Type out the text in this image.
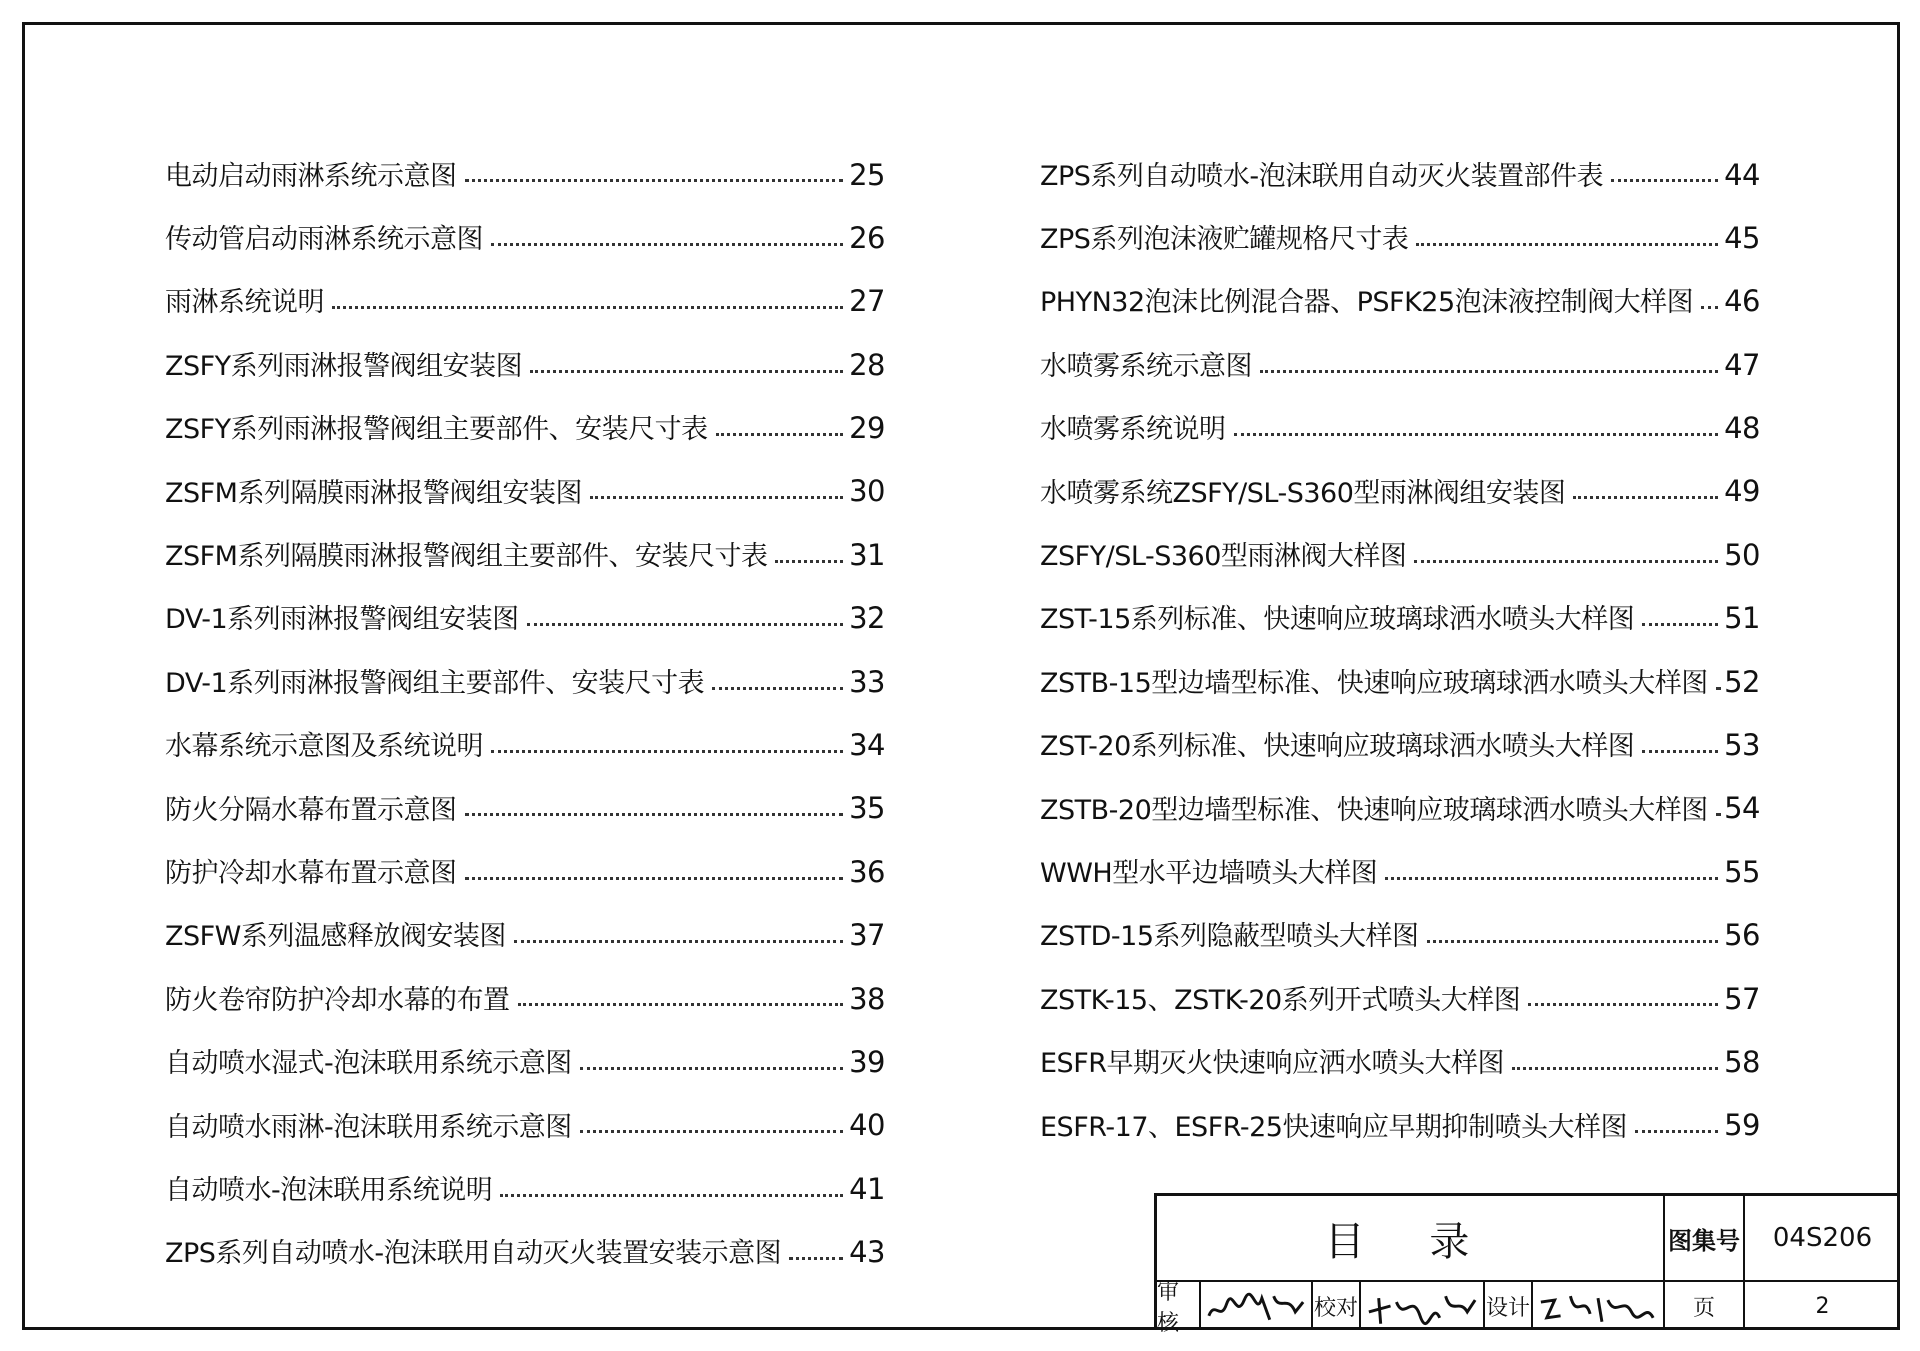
电动启动雨淋系统示意图	25
传动管启动雨淋系统示意图	26
雨淋系统说明	27
ZSFY系列雨淋报警阀组安装图	28
ZSFY系列雨淋报警阀组主要部件、安装尺寸表	29
ZSFM系列隔膜雨淋报警阀组安装图	30
ZSFM系列隔膜雨淋报警阀组主要部件、安装尺寸表	31
DV-1系列雨淋报警阀组安装图	32
DV-1系列雨淋报警阀组主要部件、安装尺寸表	33
水幕系统示意图及系统说明	34
防火分隔水幕布置示意图	35
防护冷却水幕布置示意图	36
ZSFW系列温感释放阀安装图	37
防火卷帘防护冷却水幕的布置	38
自动喷水湿式-泡沫联用系统示意图	39
自动喷水雨淋-泡沫联用系统示意图	40
自动喷水-泡沫联用系统说明	41
ZPS系列自动喷水-泡沫联用自动灭火装置安装示意图 43
ZPS系列自动喷水-泡沫联用自动灭火装置部件表	44
ZPS系列泡沫液贮罐规格尺寸表	45
PHYN32泡沫比例混合器、PSFK25泡沫液控制阀大样图 46
水喷雾系统示意图	47
水喷雾系统说明	48
水喷雾系统ZSFY/SL-S360型雨淋阀组安装图	49
ZSFY/SL-S360型雨淋阀大样图	50
ZST-15系列标准、快速响应玻璃球洒水喷头大样图	51
ZSTB-15型边墙型标准、快速响应玻璃球洒水喷头大样图 52
ZST-20系列标准、快速响应玻璃球洒水喷头大样图	53
ZSTB-20型边墙型标准、快速响应玻璃球洒水喷头大样图 54
WWH型水平边墙喷头大样图	55
ZSTD-15系列隐蔽型喷头大样图	56
ZSTK-15、ZSTK-20系列开式喷头大样图	57
ESFR早期灭火快速响应洒水喷头大样图	58
ESFR-17、ESFR-25快速响应早期抑制喷头大样图	59
目 录	图集号	04S206
审核
校对	设计	页	2
